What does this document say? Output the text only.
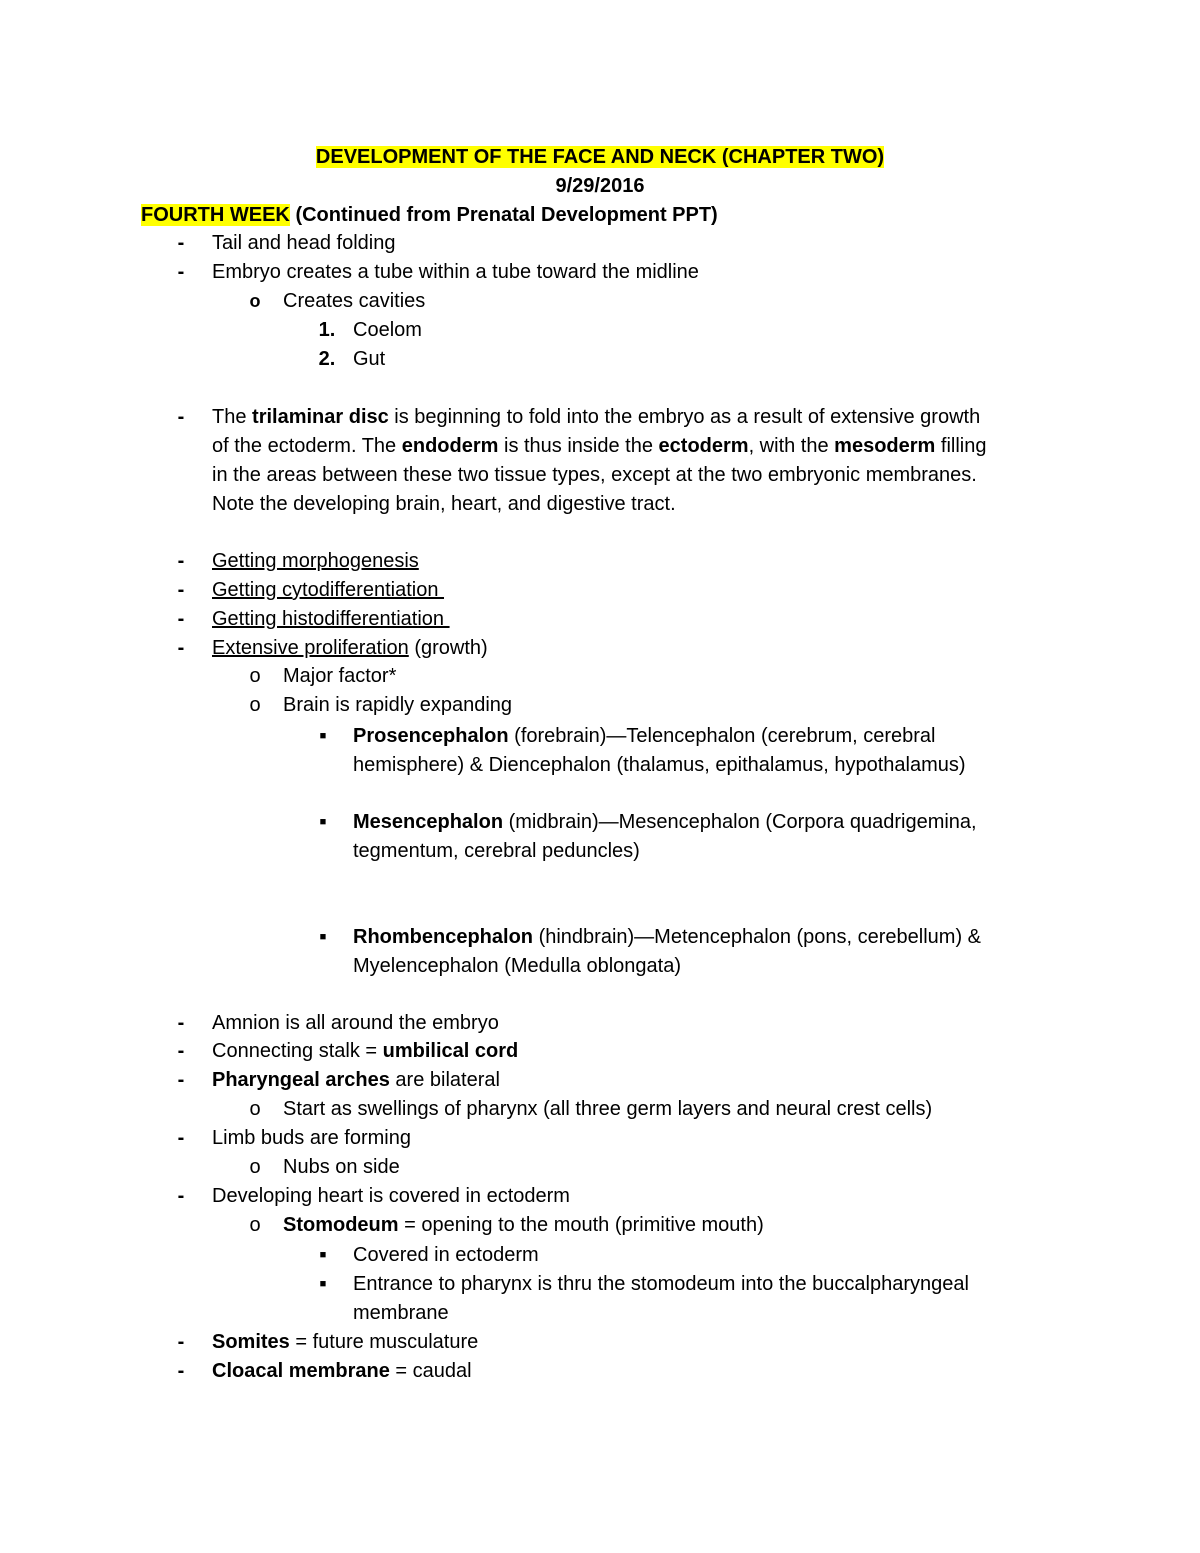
DEVELOPMENT OF THE FACE AND NECK (CHAPTER TWO)
9/29/2016
FOURTH WEEK (Continued from Prenatal Development PPT)
-	Tail and head folding
-	Embryo creates a tube within a tube toward the midline
o	Creates cavities
1. Coelom
2. Gut
-	The trilaminar disc is beginning to fold into the embryo as a result of extensive growth
of the ectoderm. The endoderm is thus inside the ectoderm, with the mesoderm filling
in the areas between these two tissue types, except at the two embryonic membranes.
Note the developing brain, heart, and digestive tract.
-	Getting morphogenesis
-	Getting cytodifferentiation
-	Getting histodifferentiation
-	Extensive proliferation (growth)
o	Major factor*
o	Brain is rapidly expanding
■	Prosencephalon (forebrain)—Telencephalon (cerebrum, cerebral
hemisphere) & Diencephalon (thalamus, epithalamus, hypothalamus)
■	Mesencephalon (midbrain)—Mesencephalon (Corpora quadrigemina,
tegmentum, cerebral peduncles)
■	Rhombencephalon (hindbrain)—Metencephalon (pons, cerebellum) &
Myelencephalon (Medulla oblongata)
-	Amnion is all around the embryo
-	Connecting stalk = umbilical cord
-	Pharyngeal arches are bilateral
o	Start as swellings of pharynx (all three germ layers and neural crest cells)
-	Limb buds are forming
o	Nubs on side
-	Developing heart is covered in ectoderm
o	Stomodeum = opening to the mouth (primitive mouth)
■	Covered in ectoderm
■	Entrance to pharynx is thru the stomodeum into the buccalpharyngeal
membrane
-	Somites = future musculature
-	Cloacal membrane = caudal
